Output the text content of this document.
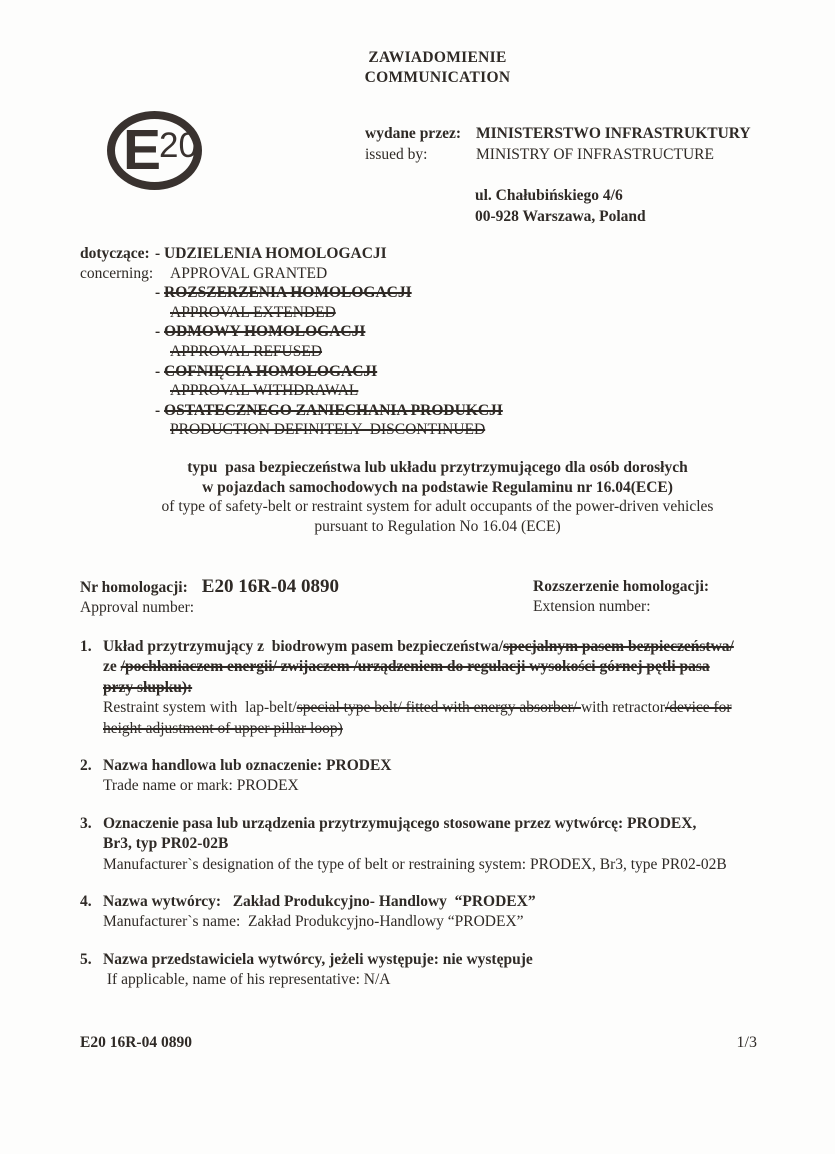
ZAWIADOMIENIE
COMMUNICATION
E
20	wydane przez: MINISTERSTWO INFRASTRUKTURY
issued by:	MINISTRY OF INFRASTRUCTURE
ul. Chałubińskiego 4/6
00-928 Warszawa, Poland
dotyczące: - UDZIELENIA HOMOLOGACJI
concerning:	APPROVAL GRANTED
- ROZSZERZENIA HOMOLOGACJI
APPROVAL EXTENDED
- ODMOWY HOMOLOGACJI
APPROVAL REFUSED
- COFNIĘCIA HOMOLOGACJI
APPROVAL WITHDRAWAL
- OSTATECZNEGO ZANIECHANIA PRODUKCJI
PRODUCTION DEFINITELY  DISCONTINUED
typu  pasa bezpieczeństwa lub układu przytrzymującego dla osób dorosłych
w pojazdach samochodowych na podstawie Regulaminu nr 16.04(ECE)
of type of safety-belt or restraint system for adult occupants of the power-driven vehicles
pursuant to Regulation No 16.04 (ECE)
Nr homologacji: E20 16R-04 0890
Approval number:
Rozszerzenie homologacji:
Extension number:
1. Układ przytrzymujący z  biodrowym pasem bezpieczeństwa/specjalnym pasem bezpieczeństwa/
ze /pochłaniaczem energii/ zwijaczem /urządzeniem do regulacji wysokości górnej pętli pasa
przy słupku):
Restraint system with  lap-belt/special type belt/ fitted with energy absorber/ with retractor/device for
height adjustment of upper pillar loop)
2. Nazwa handlowa lub oznaczenie: PRODEX
Trade name or mark: PRODEX
3. Oznaczenie pasa lub urządzenia przytrzymującego stosowane przez wytwórcę: PRODEX,
Br3, typ PR02-02B
Manufacturer`s designation of the type of belt or restraining system: PRODEX, Br3, type PR02-02B
4. Nazwa wytwórcy:   Zakład Produkcyjno- Handlowy  “PRODEX”
Manufacturer`s name:  Zakład Produkcyjno-Handlowy “PRODEX”
5. Nazwa przedstawiciela wytwórcy, jeżeli występuje: nie występuje
If applicable, name of his representative: N/A
1/3
E20 16R-04 0890
